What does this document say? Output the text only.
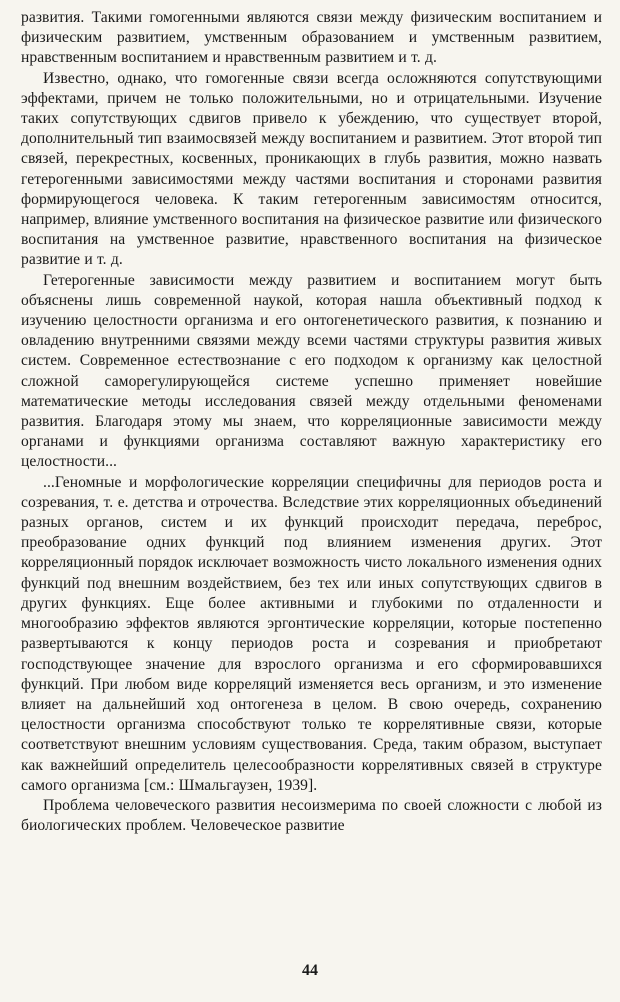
развития. Такими гомогенными являются связи между физическим воспитанием и физическим развитием, умственным образованием и умственным развитием, нравственным воспитанием и нравственным развитием и т. д.

Известно, однако, что гомогенные связи всегда осложняются сопутствующими эффектами, причем не только положительными, но и отрицательными. Изучение таких сопутствующих сдвигов привело к убеждению, что существует второй, дополнительный тип взаимосвязей между воспитанием и развитием. Этот второй тип связей, перекрестных, косвенных, проникающих в глубь развития, можно назвать гетерогенными зависимостями между частями воспитания и сторонами развития формирующегося человека. К таким гетерогенным зависимостям относится, например, влияние умственного воспитания на физическое развитие или физического воспитания на умственное развитие, нравственного воспитания на физическое развитие и т. д.

Гетерогенные зависимости между развитием и воспитанием могут быть объяснены лишь современной наукой, которая нашла объективный подход к изучению целостности организма и его онтогенетического развития, к познанию и овладению внутренними связями между всеми частями структуры развития живых систем. Современное естествознание с его подходом к организму как целостной сложной саморегулирующейся системе успешно применяет новейшие математические методы исследования связей между отдельными феноменами развития. Благодаря этому мы знаем, что корреляционные зависимости между органами и функциями организма составляют важную характеристику его целостности...

...Геномные и морфологические корреляции специфичны для периодов роста и созревания, т. е. детства и отрочества. Вследствие этих корреляционных объединений разных органов, систем и их функций происходит передача, переброс, преобразование одних функций под влиянием изменения других. Этот корреляционный порядок исключает возможность чисто локального изменения одних функций под внешним воздействием, без тех или иных сопутствующих сдвигов в других функциях. Еще более активными и глубокими по отдаленности и многообразию эффектов являются эргонтические корреляции, которые постепенно развертываются к концу периодов роста и созревания и приобретают господствующее значение для взрослого организма и его сформировавшихся функций. При любом виде корреляций изменяется весь организм, и это изменение влияет на дальнейший ход онтогенеза в целом. В свою очередь, сохранению целостности организма способствуют только те коррелятивные связи, которые соответствуют внешним условиям существования. Среда, таким образом, выступает как важнейший определитель целесообразности коррелятивных связей в структуре самого организма [см.: Шмальгаузен, 1939].

Проблема человеческого развития несоизмерима по своей сложности с любой из биологических проблем. Человеческое развитие

44
